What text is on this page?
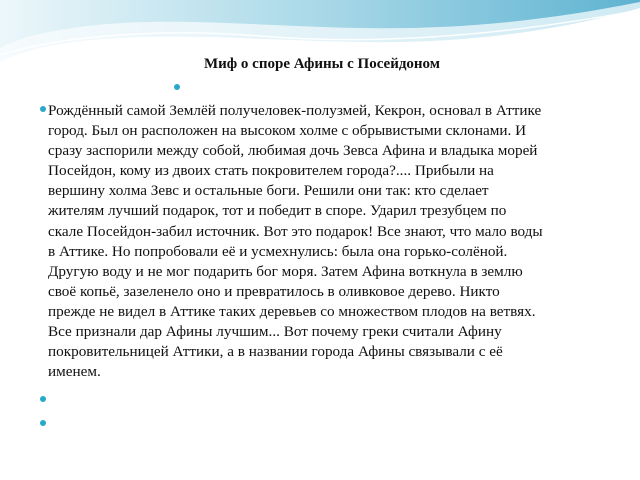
Миф о споре Афины с Посейдоном

Рождённый самой Землёй получеловек-полузмей, Кекрон, основал в Аттике
город. Был он расположен на высоком холме с обрывистыми склонами. И
сразу заспорили между собой, любимая дочь Зевса Афина и владыка морей
Посейдон, кому из двоих стать покровителем города?.... Прибыли на
вершину холма Зевс и остальные боги. Решили они так: кто сделает
жителям лучший подарок, тот и победит в споре. Ударил трезубцем по
скале Посейдон-забил источник. Вот это подарок! Все знают, что мало воды
в Аттике. Но попробовали её и усмехнулись: была она горько-солёной.
Другую воду и не мог подарить бог моря. Затем Афина воткнула в землю
своё копьё, зазеленело оно и превратилось в оливковое дерево. Никто
прежде не видел в Аттике таких деревьев со множеством плодов на ветвях.
Все признали дар Афины лучшим... Вот почему греки считали Афину
покровительницей Аттики, а в названии города Афины связывали с её
именем.
